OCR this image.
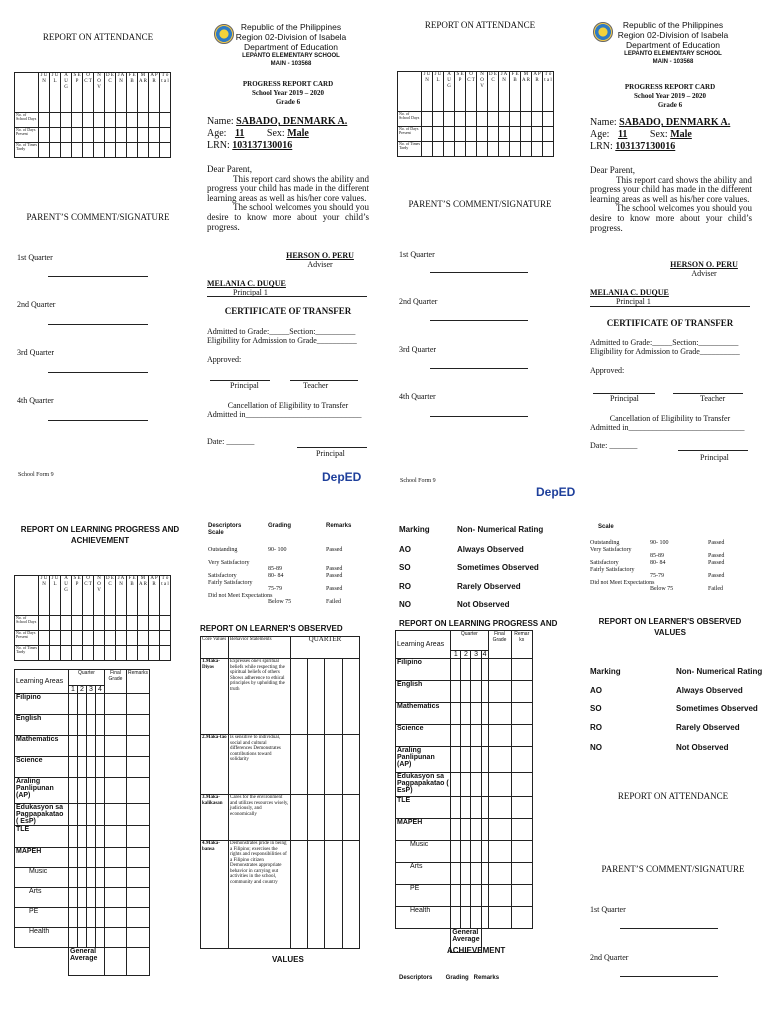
REPORT ON ATTENDANCE
	J U N	J U L	A U G	S E P	O C T	N O V	D E C	J A N	F E B	M A R	A P R	T o t a l
No. of School Days												
No. of Days Present												
No. of Times Tardy												
PARENT’S COMMENT/SIGNATURE
1st Quarter
2nd Quarter
3rd Quarter
4th Quarter
School Form 9
Republic of the Philippines
Region 02-Division of Isabela
Department of Education
LEPANTO ELEMENTARY SCHOOL
MAIN - 103568
PROGRESS REPORT CARD
School Year 2019 – 2020
Grade 6
Name: SABADO, DENMARK A.
Age: 11 Sex: Male
LRN: 103137130016
Dear Parent,
This report card shows the ability and progress your child has made in the different learning areas as well as his/her core values.
The school welcomes you should you desire to know more about your child’s progress.
HERSON O. PERU
Adviser
MELANIA C. DUQUE
Principal 1
CERTIFICATE OF TRANSFER
Admitted to Grade:_____Section:__________
Eligibility for Admission to Grade__________
Approved:
Principal	Teacher
Cancellation of Eligibility to Transfer
Admitted in_____________________________
Date: _______
Principal
DepED
REPORT ON ATTENDANCE
	J U N	J U L	A U G	S E P	O C T	N O V	D E C	J A N	F E B	M A R	A P R	T o t a l
No. of School Days												
No. of Days Present												
No. of Times Tardy												
PARENT’S COMMENT/SIGNATURE
1st Quarter
2nd Quarter
3rd Quarter
4th Quarter
School Form 9
DepED
Republic of the Philippines
Region 02-Division of Isabela
Department of Education
LEPANTO ELEMENTARY SCHOOL
MAIN - 103568
PROGRESS REPORT CARD
School Year 2019 – 2020
Grade 6
Name: SABADO, DENMARK A.
Age: 11 Sex: Male
LRN: 103137130016
Dear Parent,
This report card shows the ability and progress your child has made in the different learning areas as well as his/her core values.
The school welcomes you should you desire to know more about your child’s progress.
HERSON O. PERU
Adviser
MELANIA C. DUQUE
Principal 1
CERTIFICATE OF TRANSFER
Admitted to Grade:_____Section:__________
Eligibility for Admission to Grade__________
Approved:
Principal	Teacher
Cancellation of Eligibility to Transfer
Admitted in_____________________________
Date: _______
Principal
REPORT ON LEARNING PROGRESS AND ACHIEVEMENT
	J U N	J U L	A U G	S E P	O C T	N O V	D E C	J A N	F E B	M A R	A P R	T o t a l
No. of School Days												
No. of Days Present												
No. of Times Tardy												
Learning Areas	Quarter				Final Grade	Remarks
	1	2	3	4		
Filipino						
English						
Mathematics						
Science						
Araling Panlipunan (AP)						
Edukasyon sa Pagpapakatao ( EsP)						
TLE						
MAPEH						
Music						
Arts						
PE						
Health						
	General Average					
Descriptors
Scale
Grading	Remarks
Outstanding	90- 100	Passed
Very Satisfactory
85-89	Passed
Satisfactory	80- 84	Passed
Fairly Satisfactory
75-79	Passed
Did not Meet Expectations
Below 75	Failed
REPORT ON LEARNER'S OBSERVED
Core Values	Behavior Statements	QUARTER			
1.Maka-Diyos	Expresses one's spiritual beliefs while respecting the spiritual beliefs of others Shows adherence to ethical principles by upholding the truth				
2.Maka-tao	Is sensitive to individual, social and cultural differences Demonstrates contributions toward solidarity				
3.Maka-kalikasan	Cares for the environment and utilizes resources wisely, judiciously, and economically				
4.Maka-bansa	Demonstrates pride in being a Filipino; exercises the rights and responsibilities of a Filipino citizen Demonstrates appropriate behavior in carrying out activities in the school, community and country				
VALUES
Marking	Non- Numerical Rating
AO	Always Observed
SO	Sometimes Observed
RO	Rarely Observed
NO	Not Observed
REPORT ON LEARNING PROGRESS AND
Learning Areas	Quarter				Final Grade	Remar ks
	1	2	3	4		
Filipino						
English						
Mathematics						
Science						
Araling Panlipunan (AP)						
Edukasyon sa Pagpapakatao ( EsP)						
TLE						
MAPEH						
Music						
Arts						
PE						
Health						
	General Average					
ACHIEVEMENT
Descriptors        Grading   Remarks
Scale
Outstanding	90- 100	Passed
Very Satisfactory
85-89	Passed
Satisfactory	80- 84	Passed
Fairly Satisfactory
75-79	Passed
Did not Meet Expectations
Below 75	Failed
REPORT ON LEARNER'S OBSERVED VALUES
Marking	Non- Numerical Rating
AO	Always Observed
SO	Sometimes Observed
RO	Rarely Observed
NO	Not Observed
REPORT ON ATTENDANCE
PARENT’S COMMENT/SIGNATURE
1st Quarter
2nd Quarter
